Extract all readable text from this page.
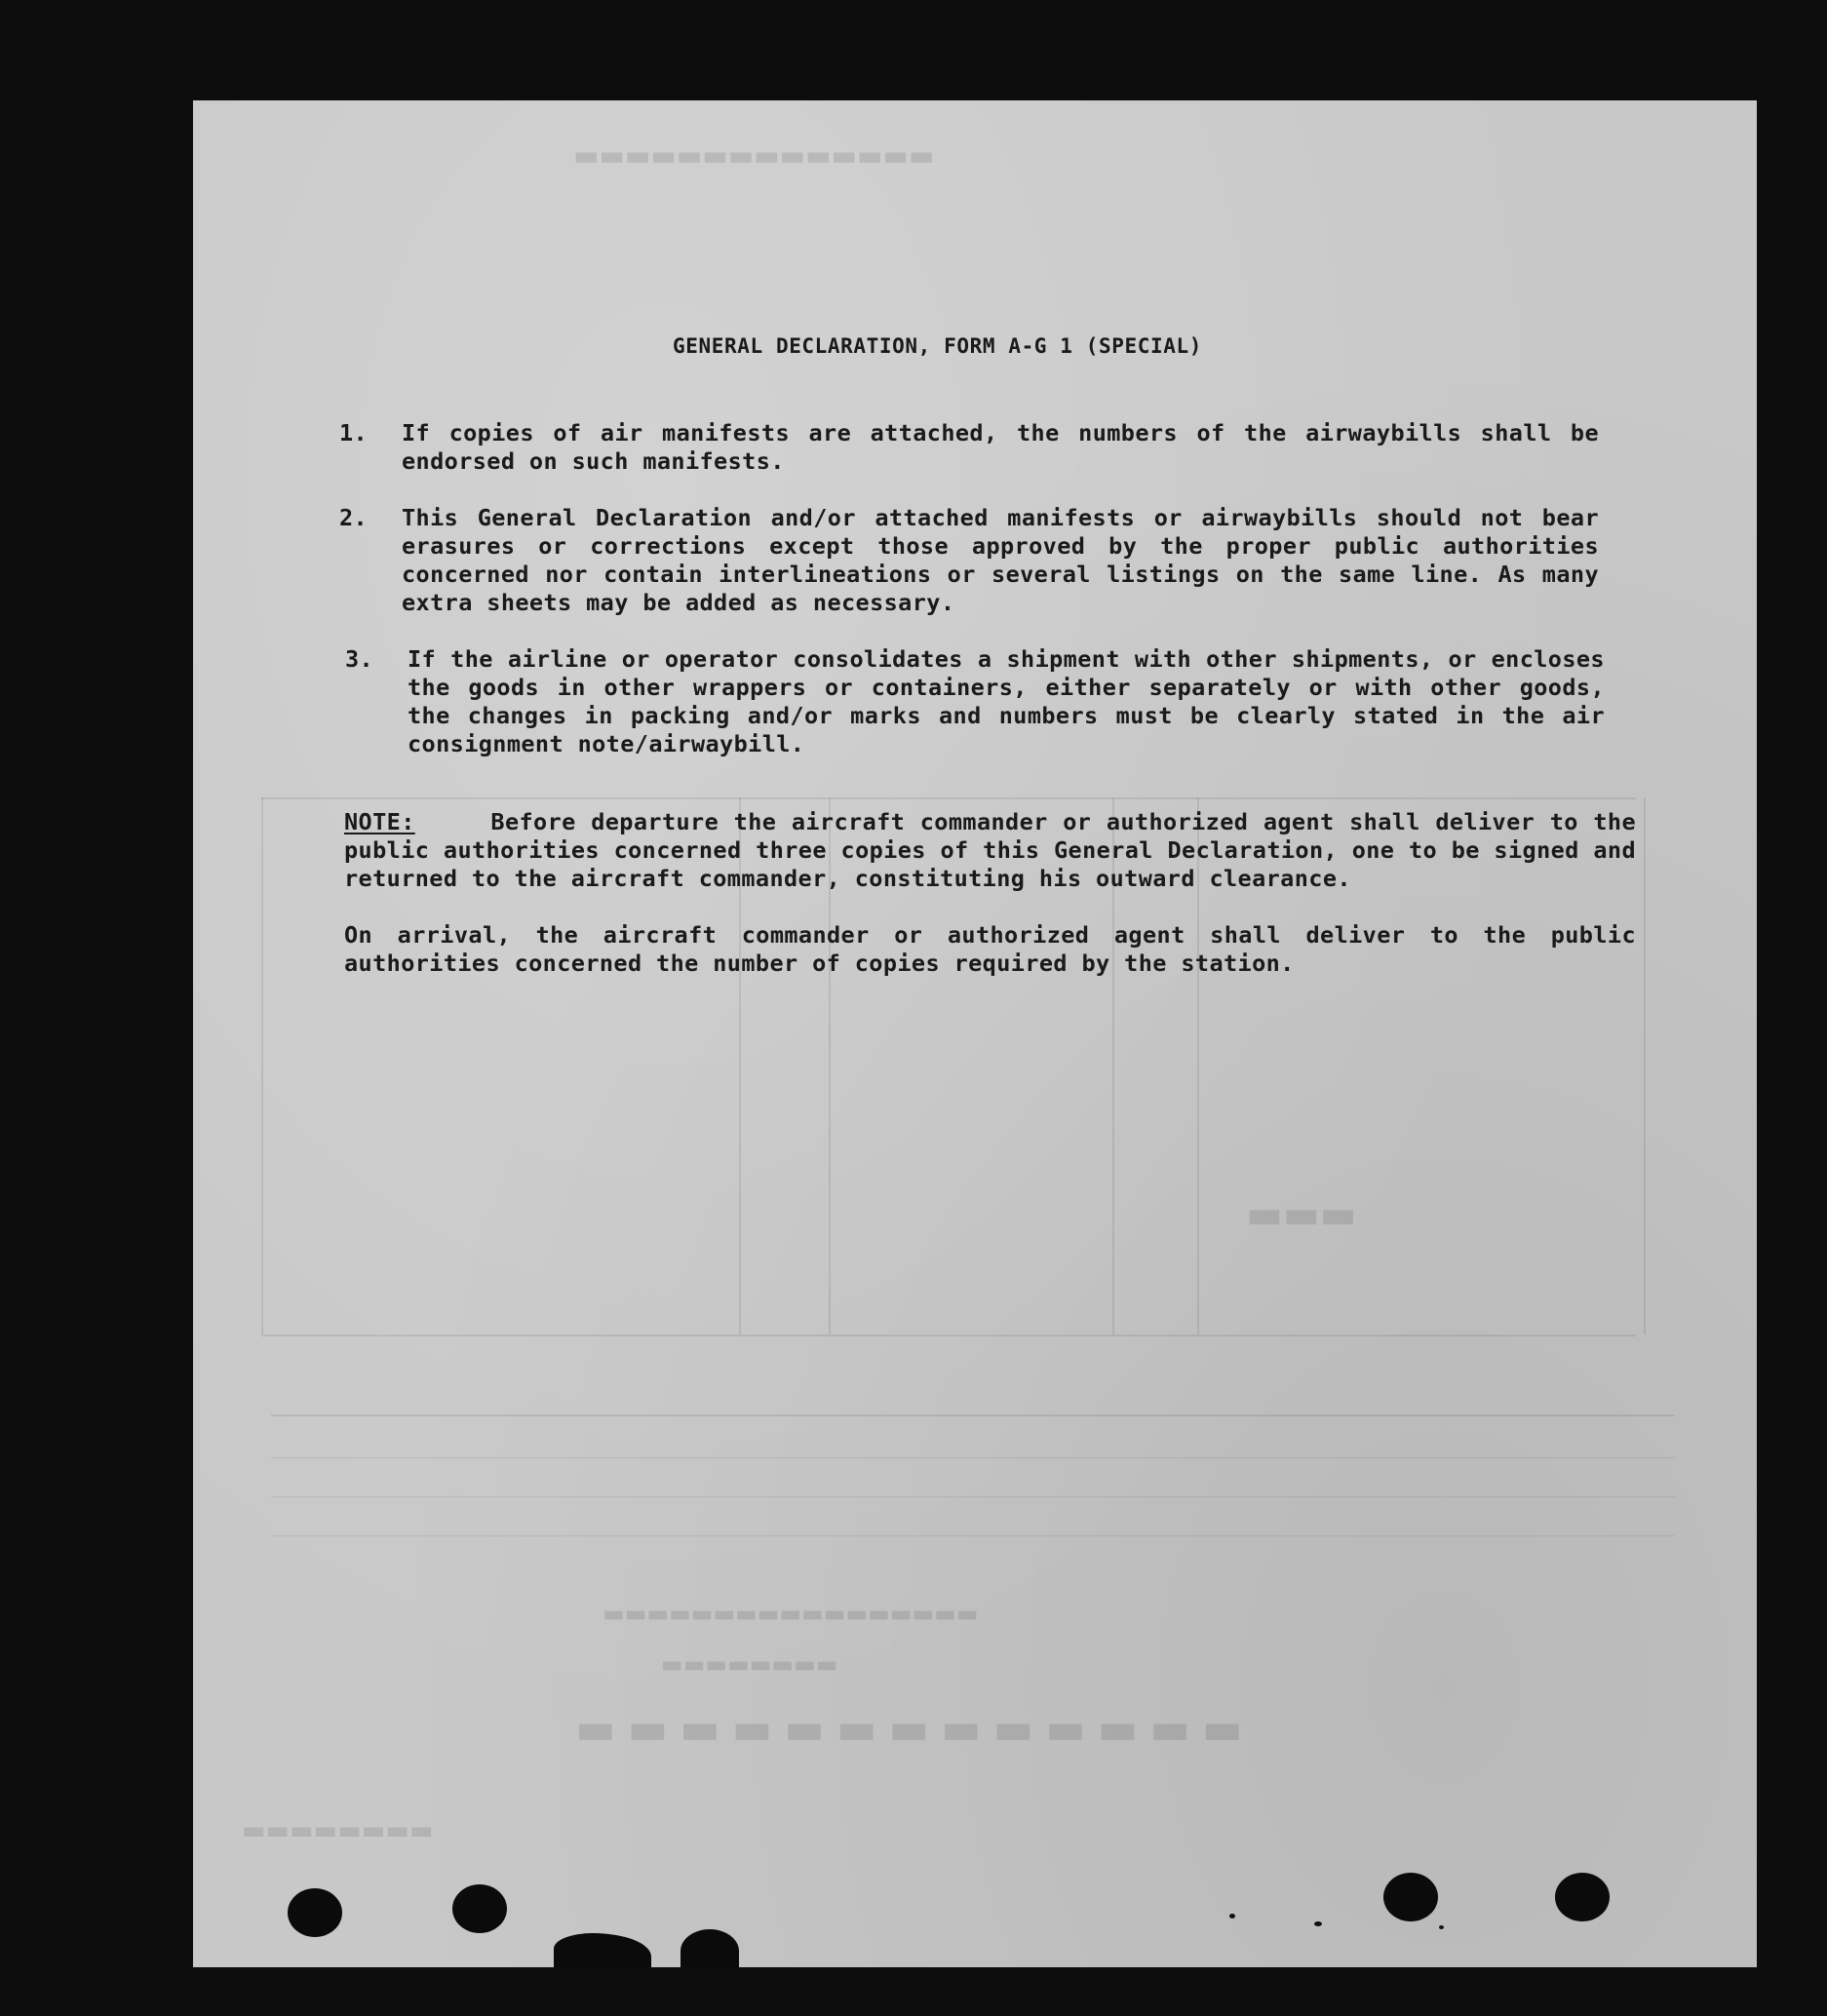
▬▬▬▬▬▬▬▬▬▬▬▬▬▬
▬▬▬▬▬▬▬▬▬▬▬▬▬
▬▬▬▬▬▬▬▬
▬▬▬▬▬▬▬▬▬▬▬▬▬▬▬▬▬
▬▬▬▬▬▬▬▬
▬▬▬
GENERAL DECLARATION, FORM A-G 1 (SPECIAL)
1. If copies of air manifests are attached, the numbers of the airwaybills shall be endorsed on such manifests.
2. This General Declaration and/or attached manifests or airwaybills should not bear erasures or corrections except those approved by the proper public authorities concerned nor contain interlineations or several listings on the same line. As many extra sheets may be added as necessary.
3. If the airline or operator consolidates a shipment with other shipments, or encloses the goods in other wrappers or containers, either separately or with other goods, the changes in packing and/or marks and numbers must be clearly stated in the air consignment note/airwaybill.
NOTE:	Before departure the aircraft commander or authorized agent shall deliver to the public authorities concerned three copies of this General Declaration, one to be signed and returned to the aircraft commander, constituting his outward clearance.
On arrival, the aircraft commander or authorized agent shall deliver to the public authorities concerned the number of copies required by the station.
